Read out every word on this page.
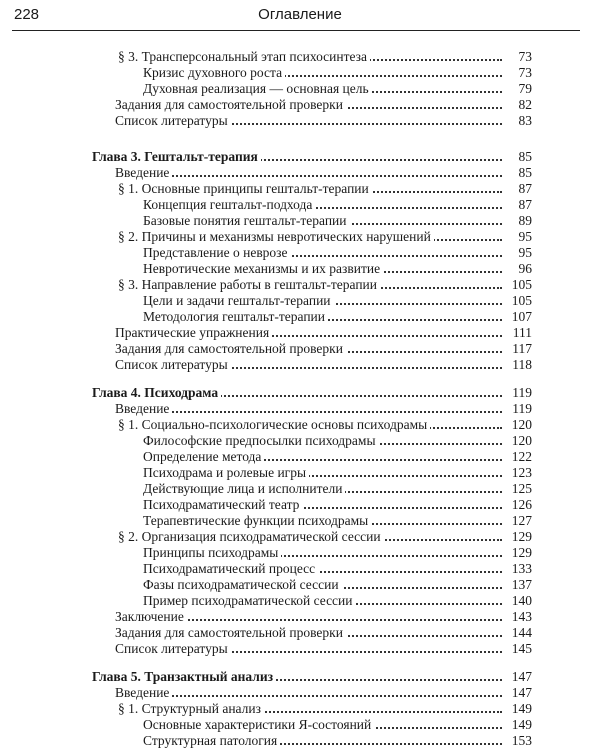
228	Оглавление
§ 3. Трансперсональный этап психосинтеза	73
Кризис духовного роста	73
Духовная реализация — основная цель	79
Задания для самостоятельной проверки	82
Список литературы	83
Глава 3. Гештальт-терапия	85
Введение	85
§ 1. Основные принципы гештальт-терапии	87
Концепция гештальт-подхода	87
Базовые понятия гештальт-терапии	89
§ 2. Причины и механизмы невротических нарушений	95
Представление о неврозе	95
Невротические механизмы и их развитие	96
§ 3. Направление работы в гештальт-терапии	105
Цели и задачи гештальт-терапии	105
Методология гештальт-терапии	107
Практические упражнения	111
Задания для самостоятельной проверки	117
Список литературы	118
Глава 4. Психодрама	119
Введение	119
§ 1. Социально-психологические основы психодрамы	120
Философские предпосылки психодрамы	120
Определение метода	122
Психодрама и ролевые игры	123
Действующие лица и исполнители	125
Психодраматический театр	126
Терапевтические функции психодрамы	127
§ 2. Организация психодраматической сессии	129
Принципы психодрамы	129
Психодраматический процесс	133
Фазы психодраматической сессии	137
Пример психодраматической сессии	140
Заключение	143
Задания для самостоятельной проверки	144
Список литературы	145
Глава 5. Транзактный анализ	147
Введение	147
§ 1. Структурный анализ	149
Основные характеристики Я-состояний	149
Структурная патология	153
